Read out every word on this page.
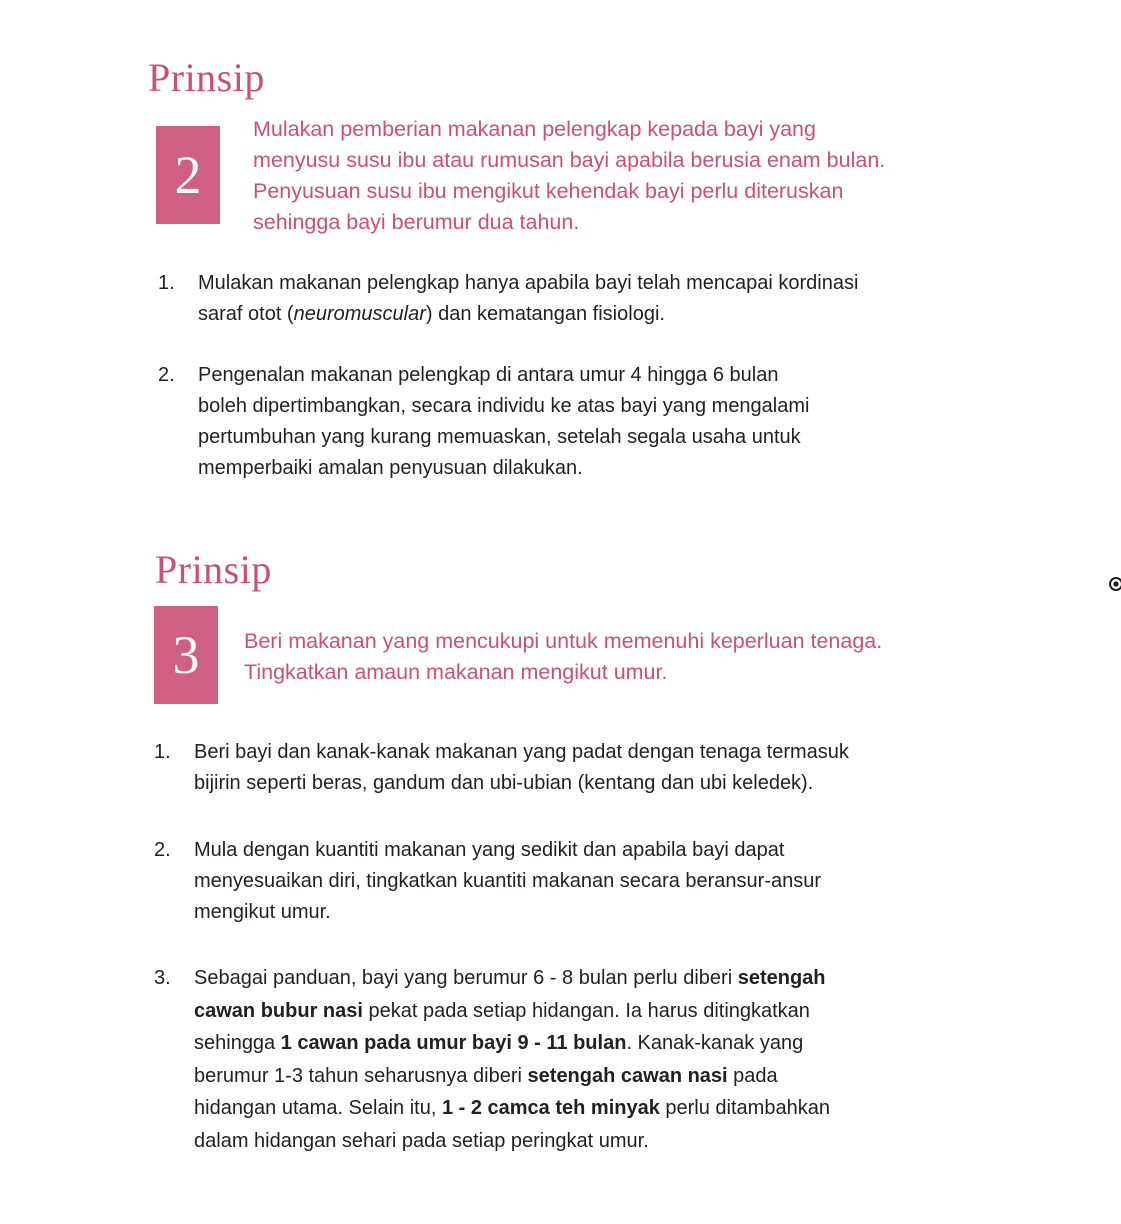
Prinsip
2

Mulakan pemberian makanan pelengkap kepada bayi yang

menyusu susu ibu atau rumusan bayi apabila berusia enam bulan.

Penyusuan susu ibu mengikut kehendak bayi perlu diteruskan

sehingga bayi berumur dua tahun.

1. Mulakan makanan pelengkap hanya apabila bayi telah mencapai kordinasi

saraf otot (neuromuscular) dan kematangan fisiologi.

2. Pengenalan makanan pelengkap di antara umur 4 hingga 6 bulan

boleh dipertimbangkan, secara individu ke atas bayi yang mengalami

pertumbuhan yang kurang memuaskan, setelah segala usaha untuk

memperbaiki amalan penyusuan dilakukan.

Prinsip
3	Beri makanan yang mencukupi untuk memenuhi keperluan tenaga.

Tingkatkan amaun makanan mengikut umur.

1. Beri bayi dan kanak-kanak makanan yang padat dengan tenaga termasuk

bijirin seperti beras, gandum dan ubi-ubian (kentang dan ubi keledek).

2. Mula dengan kuantiti makanan yang sedikit dan apabila bayi dapat

menyesuaikan diri, tingkatkan kuantiti makanan secara beransur-ansur

mengikut umur.

3. Sebagai panduan, bayi yang berumur 6 - 8 bulan perlu diberi setengah

cawan bubur nasi pekat pada setiap hidangan. Ia harus ditingkatkan

sehingga 1 cawan pada umur bayi 9 - 11 bulan. Kanak-kanak yang

berumur 1-3 tahun seharusnya diberi setengah cawan nasi pada

hidangan utama. Selain itu, 1 - 2 camca teh minyak perlu ditambahkan

dalam hidangan sehari pada setiap peringkat umur.
